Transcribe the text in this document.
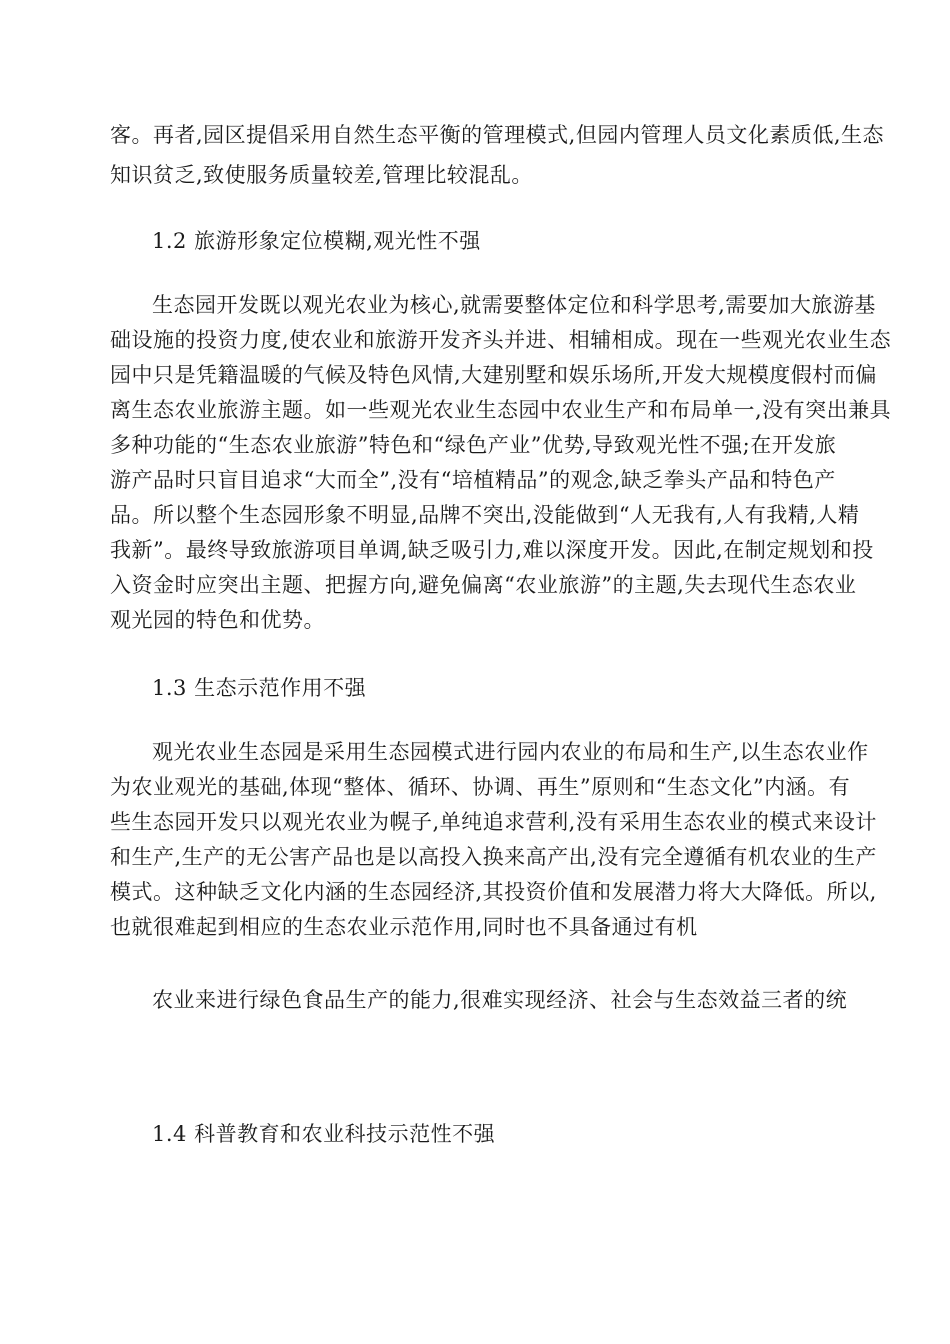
客。再者,园区提倡采用自然生态平衡的管理模式,但园内管理人员文化素质低,生态
知识贫乏,致使服务质量较差,管理比较混乱。
1.2 旅游形象定位模糊,观光性不强
生态园开发既以观光农业为核心,就需要整体定位和科学思考,需要加大旅游基
础设施的投资力度,使农业和旅游开发齐头并进、相辅相成。现在一些观光农业生态
园中只是凭籍温暖的气候及特色风情,大建别墅和娱乐场所,开发大规模度假村而偏
离生态农业旅游主题。如一些观光农业生态园中农业生产和布局单一,没有突出兼具
多种功能的“生态农业旅游”特色和“绿色产业”优势,导致观光性不强;在开发旅
游产品时只盲目追求“大而全”,没有“培植精品”的观念,缺乏拳头产品和特色产
品。所以整个生态园形象不明显,品牌不突出,没能做到“人无我有,人有我精,人精
我新”。最终导致旅游项目单调,缺乏吸引力,难以深度开发。因此,在制定规划和投
入资金时应突出主题、把握方向,避免偏离“农业旅游”的主题,失去现代生态农业
观光园的特色和优势。
1.3 生态示范作用不强
观光农业生态园是采用生态园模式进行园内农业的布局和生产,以生态农业作
为农业观光的基础,体现“整体、循环、协调、再生”原则和“生态文化”内涵。有
些生态园开发只以观光农业为幌子,单纯追求营利,没有采用生态农业的模式来设计
和生产,生产的无公害产品也是以高投入换来高产出,没有完全遵循有机农业的生产
模式。这种缺乏文化内涵的生态园经济,其投资价值和发展潜力将大大降低。所以,
也就很难起到相应的生态农业示范作用,同时也不具备通过有机
农业来进行绿色食品生产的能力,很难实现经济、社会与生态效益三者的统
1.4 科普教育和农业科技示范性不强
